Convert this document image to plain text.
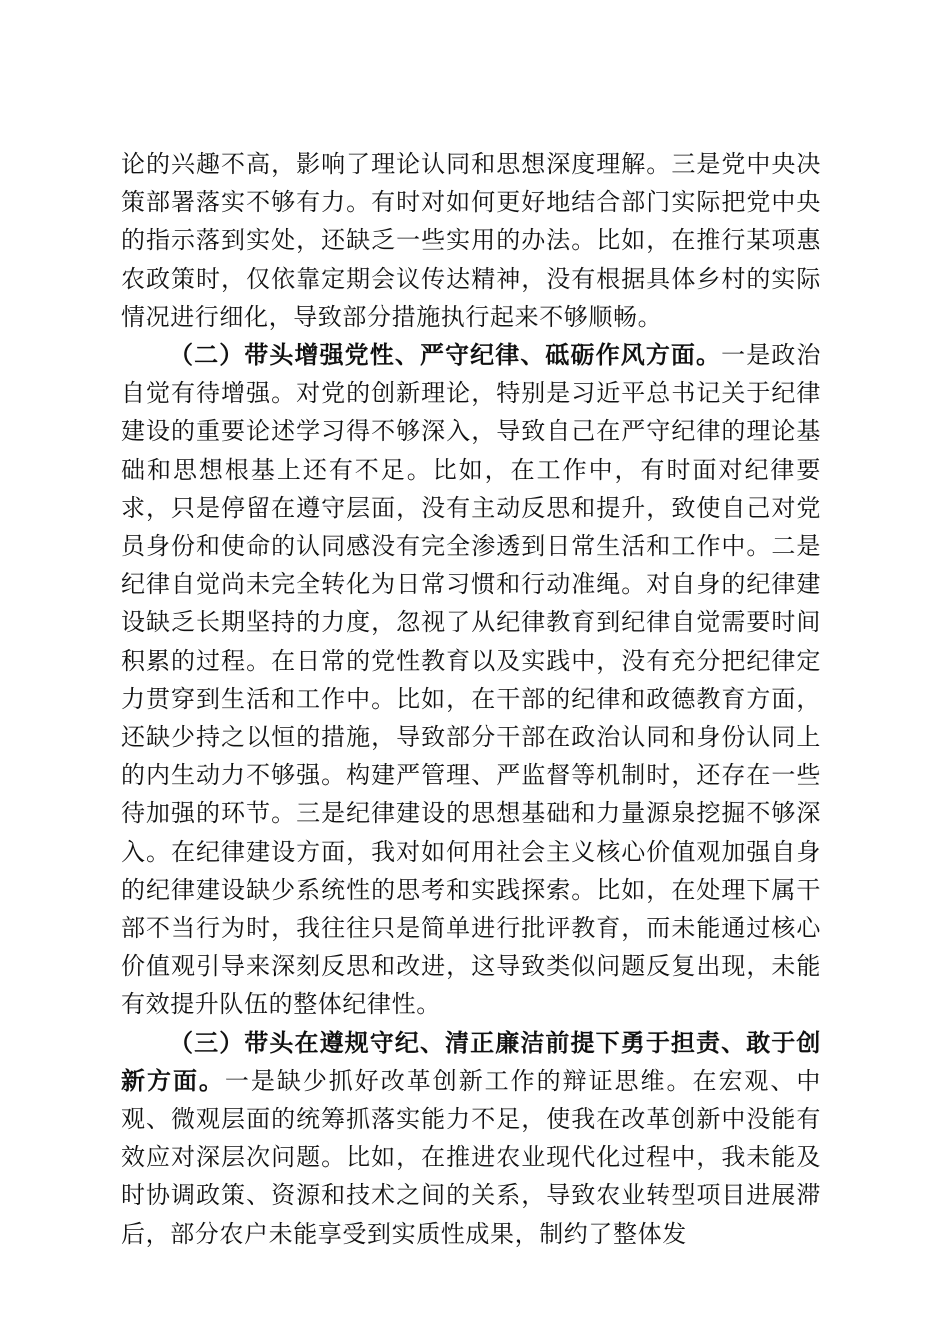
论的兴趣不高，影响了理论认同和思想深度理解。三是党中央决策部署落实不够有力。有时对如何更好地结合部门实际把党中央的指示落到实处，还缺乏一些实用的办法。比如，在推行某项惠农政策时，仅依靠定期会议传达精神，没有根据具体乡村的实际情况进行细化，导致部分措施执行起来不够顺畅。

（二）带头增强党性、严守纪律、砥砺作风方面。一是政治自觉有待增强。对党的创新理论，特别是习近平总书记关于纪律建设的重要论述学习得不够深入，导致自己在严守纪律的理论基础和思想根基上还有不足。比如，在工作中，有时面对纪律要求，只是停留在遵守层面，没有主动反思和提升，致使自己对党员身份和使命的认同感没有完全渗透到日常生活和工作中。二是纪律自觉尚未完全转化为日常习惯和行动准绳。对自身的纪律建设缺乏长期坚持的力度，忽视了从纪律教育到纪律自觉需要时间积累的过程。在日常的党性教育以及实践中，没有充分把纪律定力贯穿到生活和工作中。比如，在干部的纪律和政德教育方面，还缺少持之以恒的措施，导致部分干部在政治认同和身份认同上的内生动力不够强。构建严管理、严监督等机制时，还存在一些待加强的环节。三是纪律建设的思想基础和力量源泉挖掘不够深入。在纪律建设方面，我对如何用社会主义核心价值观加强自身的纪律建设缺少系统性的思考和实践探索。比如，在处理下属干部不当行为时，我往往只是简单进行批评教育，而未能通过核心价值观引导来深刻反思和改进，这导致类似问题反复出现，未能有效提升队伍的整体纪律性。

（三）带头在遵规守纪、清正廉洁前提下勇于担责、敢于创新方面。一是缺少抓好改革创新工作的辩证思维。在宏观、中观、微观层面的统筹抓落实能力不足，使我在改革创新中没能有效应对深层次问题。比如，在推进农业现代化过程中，我未能及时协调政策、资源和技术之间的关系，导致农业转型项目进展滞后，部分农户未能享受到实质性成果，制约了整体发
